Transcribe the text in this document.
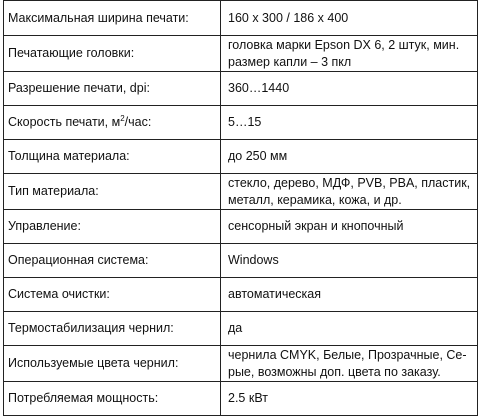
Максимальная ширина печати:	160 х 300 / 186 х 400
Печатающие головки:	головка марки Epson DX 6, 2 штук, мин. размер капли – 3 пкл
Разрешение печати, dpi:	360…1440
Скорость печати, $м^2$/час:	5…15
Толщина материала:	до 250 мм
Тип материала:	стекло, дерево, МДФ, PVB, PBA, пластик, металл, керамика, кожа, и др.
Управление:	сенсорный экран и кнопочный
Операционная система:	Windows
Система очистки:	автоматическая
Термостабилизация чернил:	да
Используемые цвета чернил:	чернила CMYK, Белые, Прозрачные, Се-рые, возможны доп. цвета по заказу.
Потребляемая мощность:	2.5 кВт
